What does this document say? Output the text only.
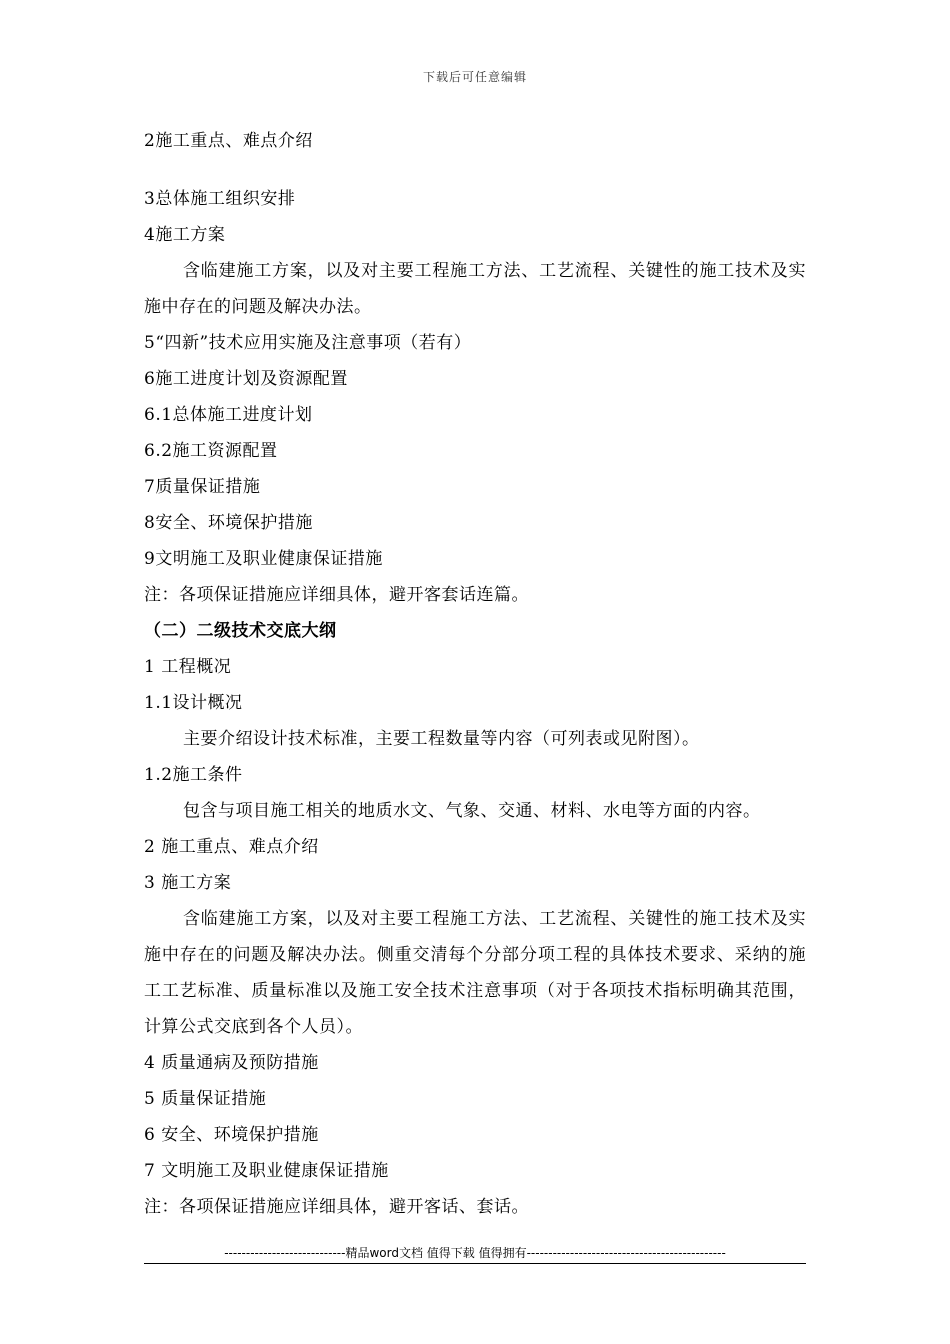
下载后可任意编辑
2施工重点、难点介绍
3总体施工组织安排
4施工方案
含临建施工方案，以及对主要工程施工方法、工艺流程、关键性的施工技术及实施中存在的问题及解决办法。
5“四新”技术应用实施及注意事项（若有）
6施工进度计划及资源配置
6.1总体施工进度计划
6.2施工资源配置
7质量保证措施
8安全、环境保护措施
9文明施工及职业健康保证措施
注：各项保证措施应详细具体，避开客套话连篇。
（二）二级技术交底大纲
1 工程概况
1.1设计概况
主要介绍设计技术标准，主要工程数量等内容（可列表或见附图）。
1.2施工条件
包含与项目施工相关的地质水文、气象、交通、材料、水电等方面的内容。
2 施工重点、难点介绍
3 施工方案
含临建施工方案，以及对主要工程施工方法、工艺流程、关键性的施工技术及实施中存在的问题及解决办法。侧重交清每个分部分项工程的具体技术要求、采纳的施工工艺标准、质量标准以及施工安全技术注意事项（对于各项技术指标明确其范围，计算公式交底到各个人员）。
4 质量通病及预防措施
5 质量保证措施
6 安全、环境保护措施
7 文明施工及职业健康保证措施
注：各项保证措施应详细具体，避开客话、套话。
----------------------------精品word文档 值得下载 值得拥有----------------------------------------------
